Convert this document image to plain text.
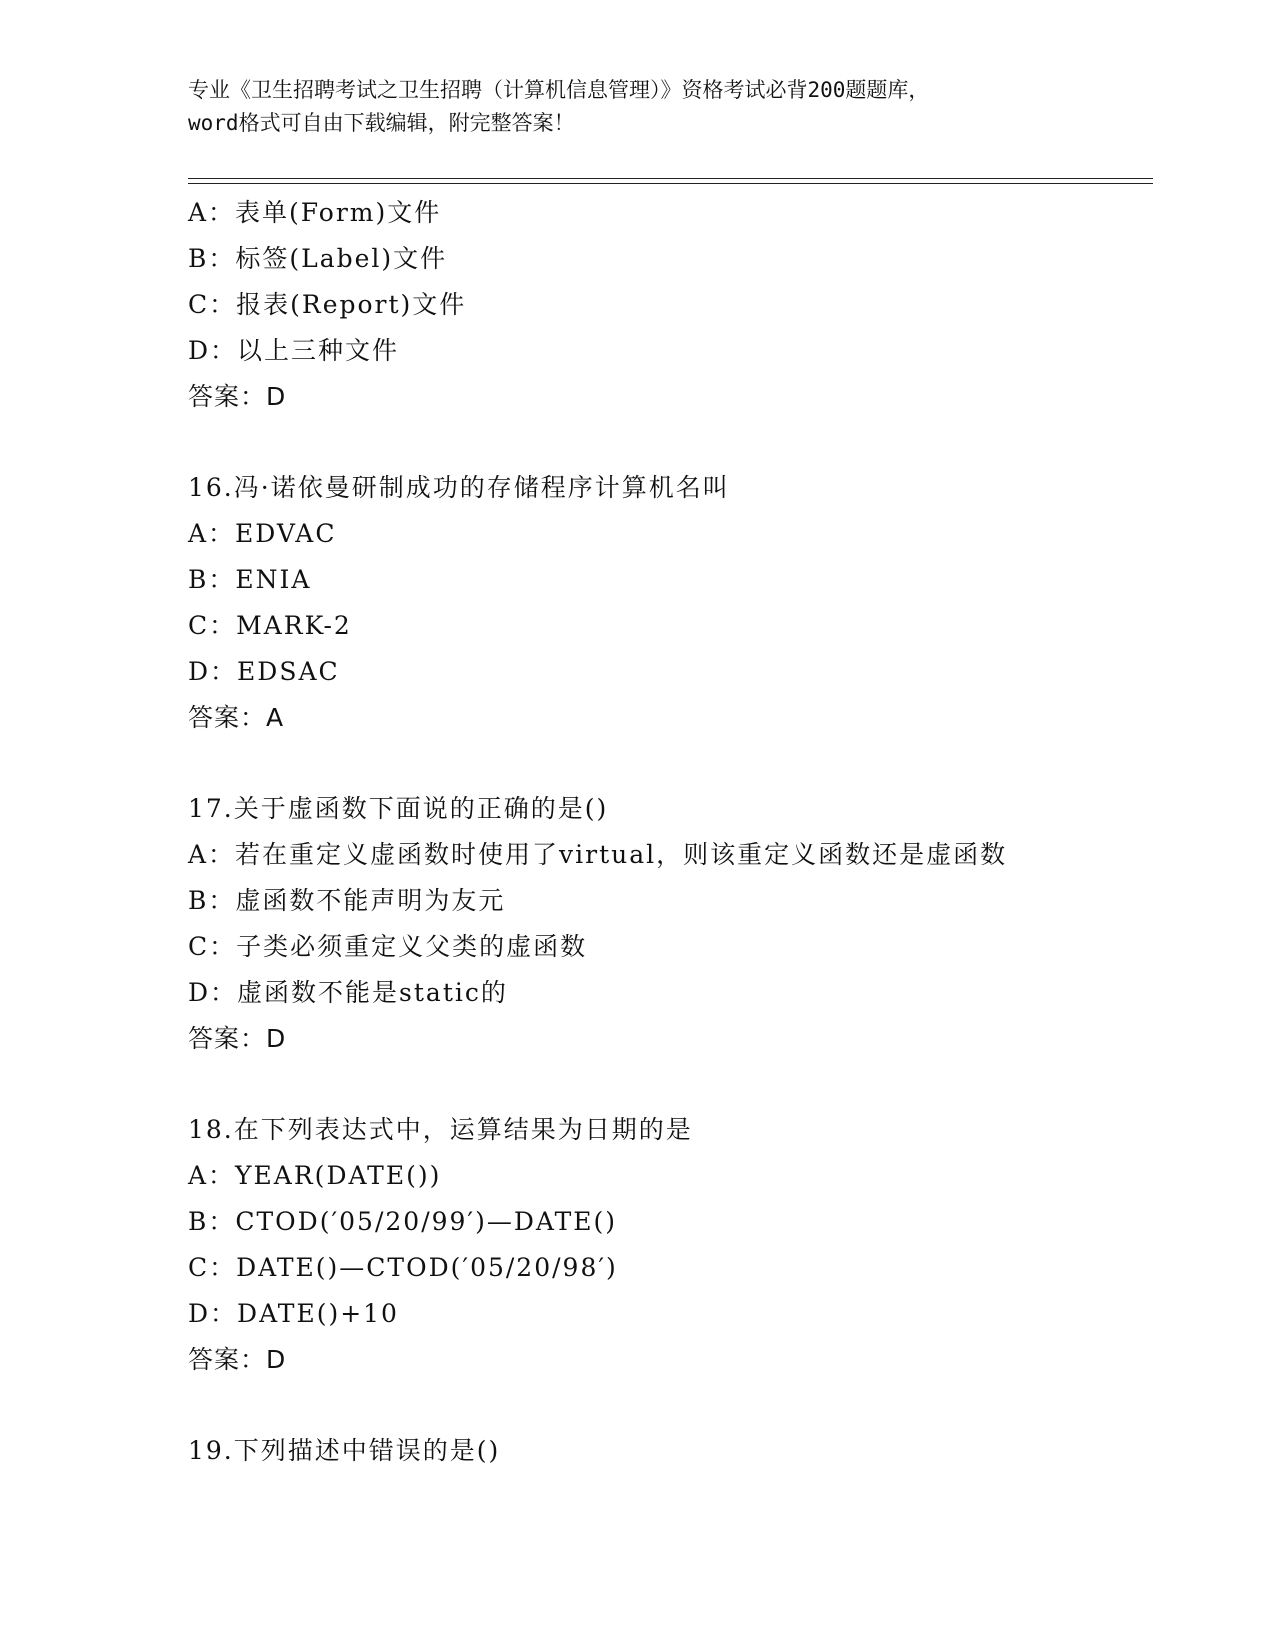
专业《卫生招聘考试之卫生招聘（计算机信息管理）》资格考试必背200题题库，
word格式可自由下载编辑，附完整答案！
A：表单(Form)文件
B：标签(Label)文件
C：报表(Report)文件
D：以上三种文件
答案：D
16.冯·诺依曼研制成功的存储程序计算机名叫
A：EDVAC
B：ENIA
C：MARK-2
D：EDSAC
答案：A
17.关于虚函数下面说的正确的是()
A：若在重定义虚函数时使用了virtual，则该重定义函数还是虚函数
B：虚函数不能声明为友元
C：子类必须重定义父类的虚函数
D：虚函数不能是static的
答案：D
18.在下列表达式中，运算结果为日期的是
A：YEAR(DATE())
B：CTOD(′05/20/99′)—DATE()
C：DATE()—CTOD(′05/20/98′)
D：DATE()+10
答案：D
19.下列描述中错误的是()
